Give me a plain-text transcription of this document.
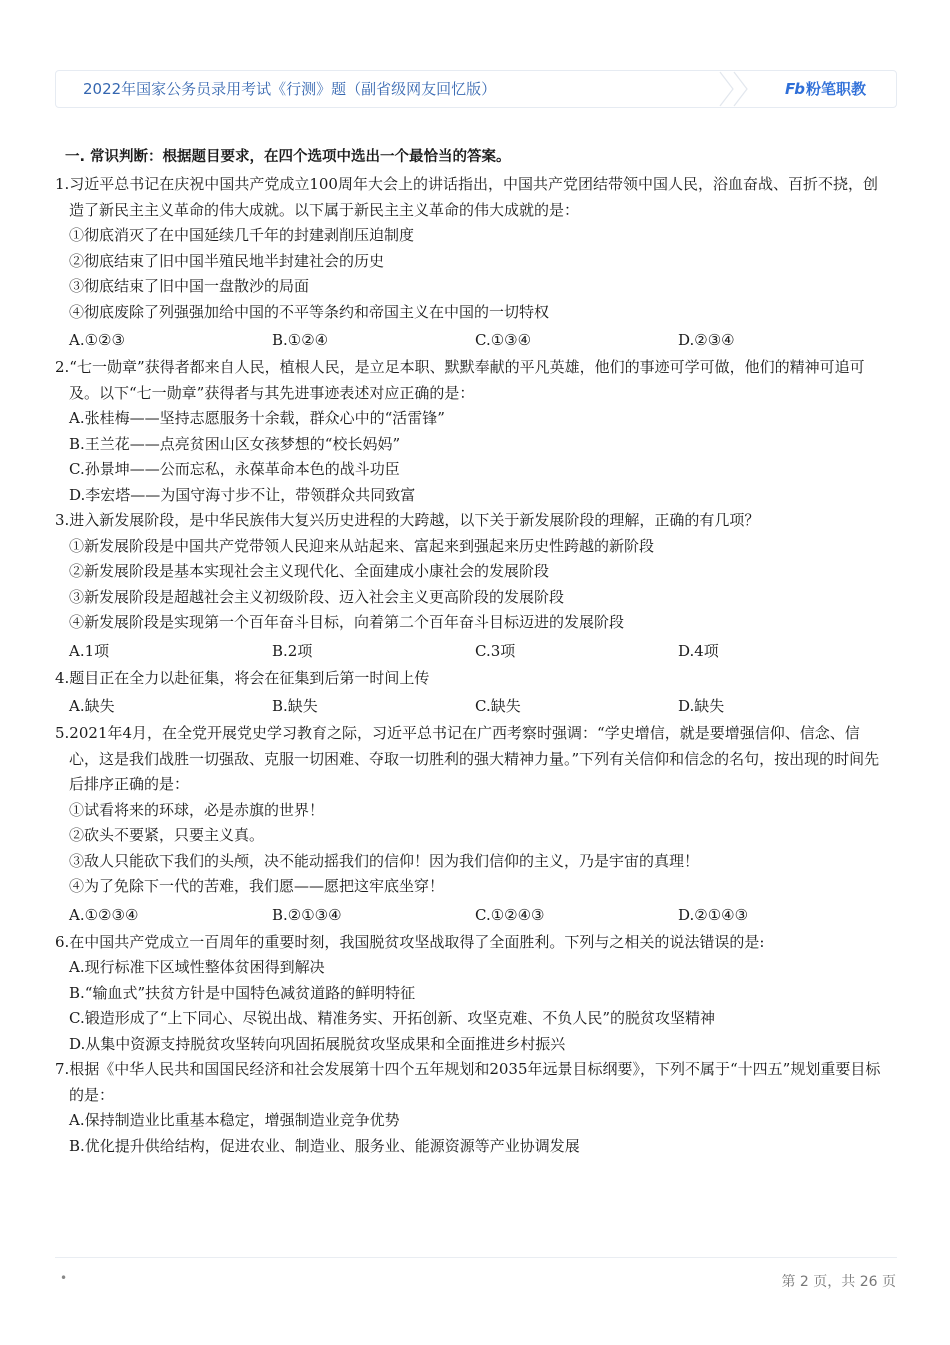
2022年国家公务员录用考试《行测》题（副省级网友回忆版）	Fb 粉笔职教
一. 常识判断：根据题目要求，在四个选项中选出一个最恰当的答案。
1.习近平总书记在庆祝中国共产党成立100周年大会上的讲话指出，中国共产党团结带领中国人民，浴血奋战、百折不挠，创造了新民主主义革命的伟大成就。以下属于新民主主义革命的伟大成就的是：
①彻底消灭了在中国延续几千年的封建剥削压迫制度
②彻底结束了旧中国半殖民地半封建社会的历史
③彻底结束了旧中国一盘散沙的局面
④彻底废除了列强强加给中国的不平等条约和帝国主义在中国的一切特权
A.①②③	B.①②④	C.①③④	D.②③④
2.“七一勋章”获得者都来自人民，植根人民，是立足本职、默默奉献的平凡英雄，他们的事迹可学可做，他们的精神可追可及。以下“七一勋章”获得者与其先进事迹表述对应正确的是：
A.张桂梅——坚持志愿服务十余载，群众心中的“活雷锋”
B.王兰花——点亮贫困山区女孩梦想的“校长妈妈”
C.孙景坤——公而忘私，永葆革命本色的战斗功臣
D.李宏塔——为国守海寸步不让，带领群众共同致富
3.进入新发展阶段，是中华民族伟大复兴历史进程的大跨越，以下关于新发展阶段的理解，正确的有几项？
①新发展阶段是中国共产党带领人民迎来从站起来、富起来到强起来历史性跨越的新阶段
②新发展阶段是基本实现社会主义现代化、全面建成小康社会的发展阶段
③新发展阶段是超越社会主义初级阶段、迈入社会主义更高阶段的发展阶段
④新发展阶段是实现第一个百年奋斗目标，向着第二个百年奋斗目标迈进的发展阶段
A.1项	B.2项	C.3项	D.4项
4.题目正在全力以赴征集，将会在征集到后第一时间上传
A.缺失	B.缺失	C.缺失	D.缺失
5.2021年4月，在全党开展党史学习教育之际，习近平总书记在广西考察时强调：“学史增信，就是要增强信仰、信念、信心，这是我们战胜一切强敌、克服一切困难、夺取一切胜利的强大精神力量。”下列有关信仰和信念的名句，按出现的时间先后排序正确的是：
①试看将来的环球，必是赤旗的世界！
②砍头不要紧，只要主义真。
③敌人只能砍下我们的头颅，决不能动摇我们的信仰！因为我们信仰的主义，乃是宇宙的真理！
④为了免除下一代的苦难，我们愿——愿把这牢底坐穿！
A.①②③④	B.②①③④	C.①②④③	D.②①④③
6.在中国共产党成立一百周年的重要时刻，我国脱贫攻坚战取得了全面胜利。下列与之相关的说法错误的是:
A.现行标准下区域性整体贫困得到解决
B.“输血式”扶贫方针是中国特色减贫道路的鲜明特征
C.锻造形成了“上下同心、尽锐出战、精准务实、开拓创新、攻坚克难、不负人民”的脱贫攻坚精神
D.从集中资源支持脱贫攻坚转向巩固拓展脱贫攻坚成果和全面推进乡村振兴
7.根据《中华人民共和国国民经济和社会发展第十四个五年规划和2035年远景目标纲要》，下列不属于“十四五”规划重要目标的是：
A.保持制造业比重基本稳定，增强制造业竞争优势
B.优化提升供给结构，促进农业、制造业、服务业、能源资源等产业协调发展
•	第 2 页，共 26 页
